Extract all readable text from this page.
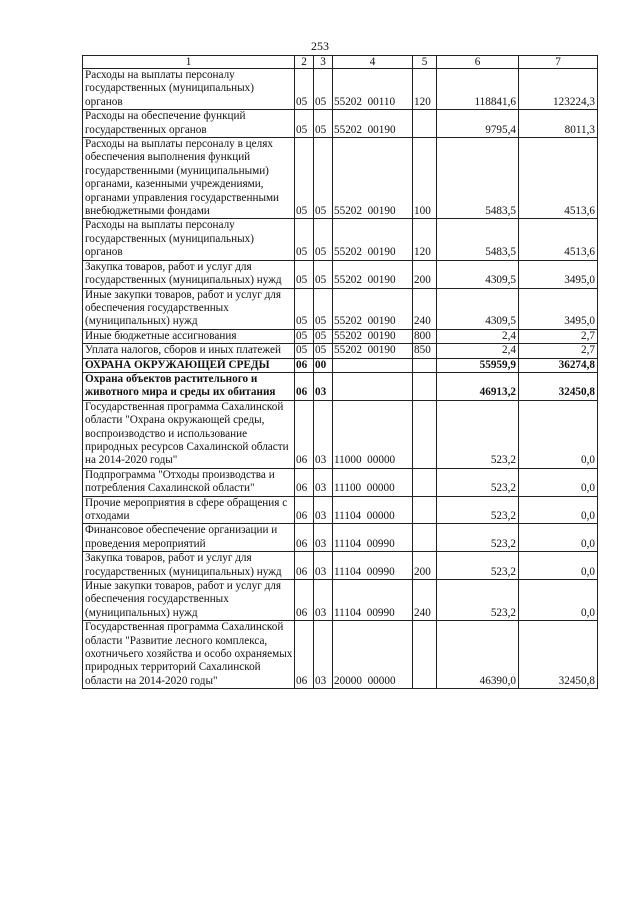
253
1	2	3	4	5	6	7
Расходы на выплаты персоналу государственных (муниципальных) органов	05	05	55202 00110	120	118841,6	123224,3
Расходы на обеспечение функций государственных органов	05	05	55202 00190		9795,4	8011,3
Расходы на выплаты персоналу в целях обеспечения выполнения функций государственными (муниципальными) органами, казенными учреждениями, органами управления государственными внебюджетными фондами	05	05	55202 00190	100	5483,5	4513,6
Расходы на выплаты персоналу государственных (муниципальных) органов	05	05	55202 00190	120	5483,5	4513,6
Закупка товаров, работ и услуг для государственных (муниципальных) нужд	05	05	55202 00190	200	4309,5	3495,0
Иные закупки товаров, работ и услуг для обеспечения государственных (муниципальных) нужд	05	05	55202 00190	240	4309,5	3495,0
Иные бюджетные ассигнования	05	05	55202 00190	800	2,4	2,7
Уплата налогов, сборов и иных платежей	05	05	55202 00190	850	2,4	2,7
ОХРАНА ОКРУЖАЮЩЕЙ СРЕДЫ	06	00			55959,9	36274,8
Охрана объектов растительного и животного мира и среды их обитания	06	03			46913,2	32450,8
Государственная программа Сахалинской области "Охрана окружающей среды, воспроизводство и использование природных ресурсов Сахалинской области на 2014-2020 годы"	06	03	11000 00000		523,2	0,0
Подпрограмма "Отходы производства и потребления Сахалинской области"	06	03	11100 00000		523,2	0,0
Прочие мероприятия в сфере обращения с отходами	06	03	11104 00000		523,2	0,0
Финансовое обеспечение организации и проведения мероприятий	06	03	11104 00990		523,2	0,0
Закупка товаров, работ и услуг для государственных (муниципальных) нужд	06	03	11104 00990	200	523,2	0,0
Иные закупки товаров, работ и услуг для обеспечения государственных (муниципальных) нужд	06	03	11104 00990	240	523,2	0,0
Государственная программа Сахалинской области "Развитие лесного комплекса, охотничьего хозяйства и особо охраняемых природных территорий Сахалинской области на 2014-2020 годы"	06	03	20000 00000		46390,0	32450,8
